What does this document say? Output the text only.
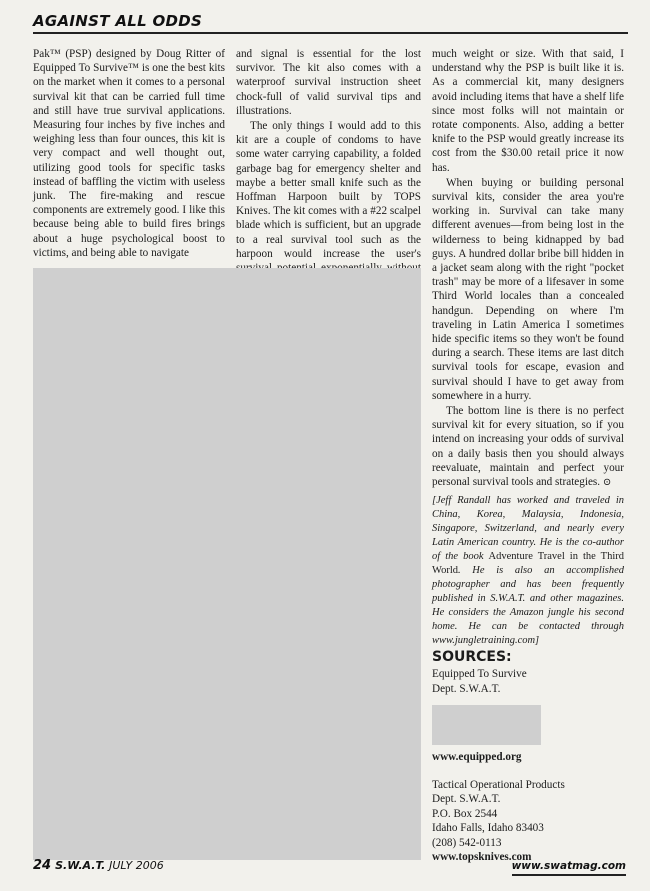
AGAINST ALL ODDS

Pak™ (PSP) designed by Doug Ritter of Equipped To Survive™ is one the best kits on the market when it comes to a personal survival kit that can be carried full time and still have true survival applications. Measuring four inches by five inches and weighing less than four ounces, this kit is very compact and well thought out, utilizing good tools for specific tasks instead of baffling the victim with useless junk. The fire-making and rescue components are extremely good. I like this because being able to build fires brings about a huge psychological boost to victims, and being able to navigate

and signal is essential for the lost survivor. The kit also comes with a waterproof survival instruction sheet chock-full of valid survival tips and illustrations.

The only things I would add to this kit are a couple of condoms to have some water carrying capability, a folded garbage bag for emergency shelter and maybe a better small knife such as the Hoffman Harpoon built by TOPS Knives. The kit comes with a #22 scalpel blade which is sufficient, but an upgrade to a real survival tool such as the harpoon would increase the user's

much weight or size. With that said, I understand why the PSP is built like it is. As a commercial kit, many designers avoid including items that have a shelf life since most folks will not maintain or rotate components. Also, adding a better knife to the PSP would greatly increase its cost from the $30.00 retail price it now has.

When buying or building personal survival kits, consider the area you're working in. Survival can take many different avenues—from being lost in the wilderness to being kidnapped by bad guys. A hundred dollar bribe bill hidden in a jacket seam along with the right "pocket trash" may be more of a lifesaver in some Third World locales than a concealed handgun. Depending on where I'm traveling in Latin America I sometimes hide specific items so they won't be found during a search. These items are last ditch survival tools for escape, evasion and survival should I have to get away from somewhere in a hurry.

The bottom line is there is no perfect survival kit for every situation, so if you intend on increasing your odds of survival on a daily basis then you should always reevaluate, maintain and perfect your personal survival tools and strategies. ⊙

[Jeff Randall has worked and traveled in China, Korea, Malaysia, Indonesia, Singapore, Switzerland, and nearly every Latin American country. He is the co-author of the book Adventure Travel in the Third World. He is also an accomplished photographer and has been frequently published in S.W.A.T. and other magazines. He considers the Amazon jungle his second home. He can be contacted through www.jungletraining.com]

SOURCES:
Equipped To Survive
Dept. S.W.A.T.
www.equipped.org
Tactical Operational Products
Dept. S.W.A.T.
P.O. Box 2544
Idaho Falls, Idaho 83403
(208) 542-0113
www.topsknives.com
24 S.W.A.T. JULY 2006	www.swatmag.com
